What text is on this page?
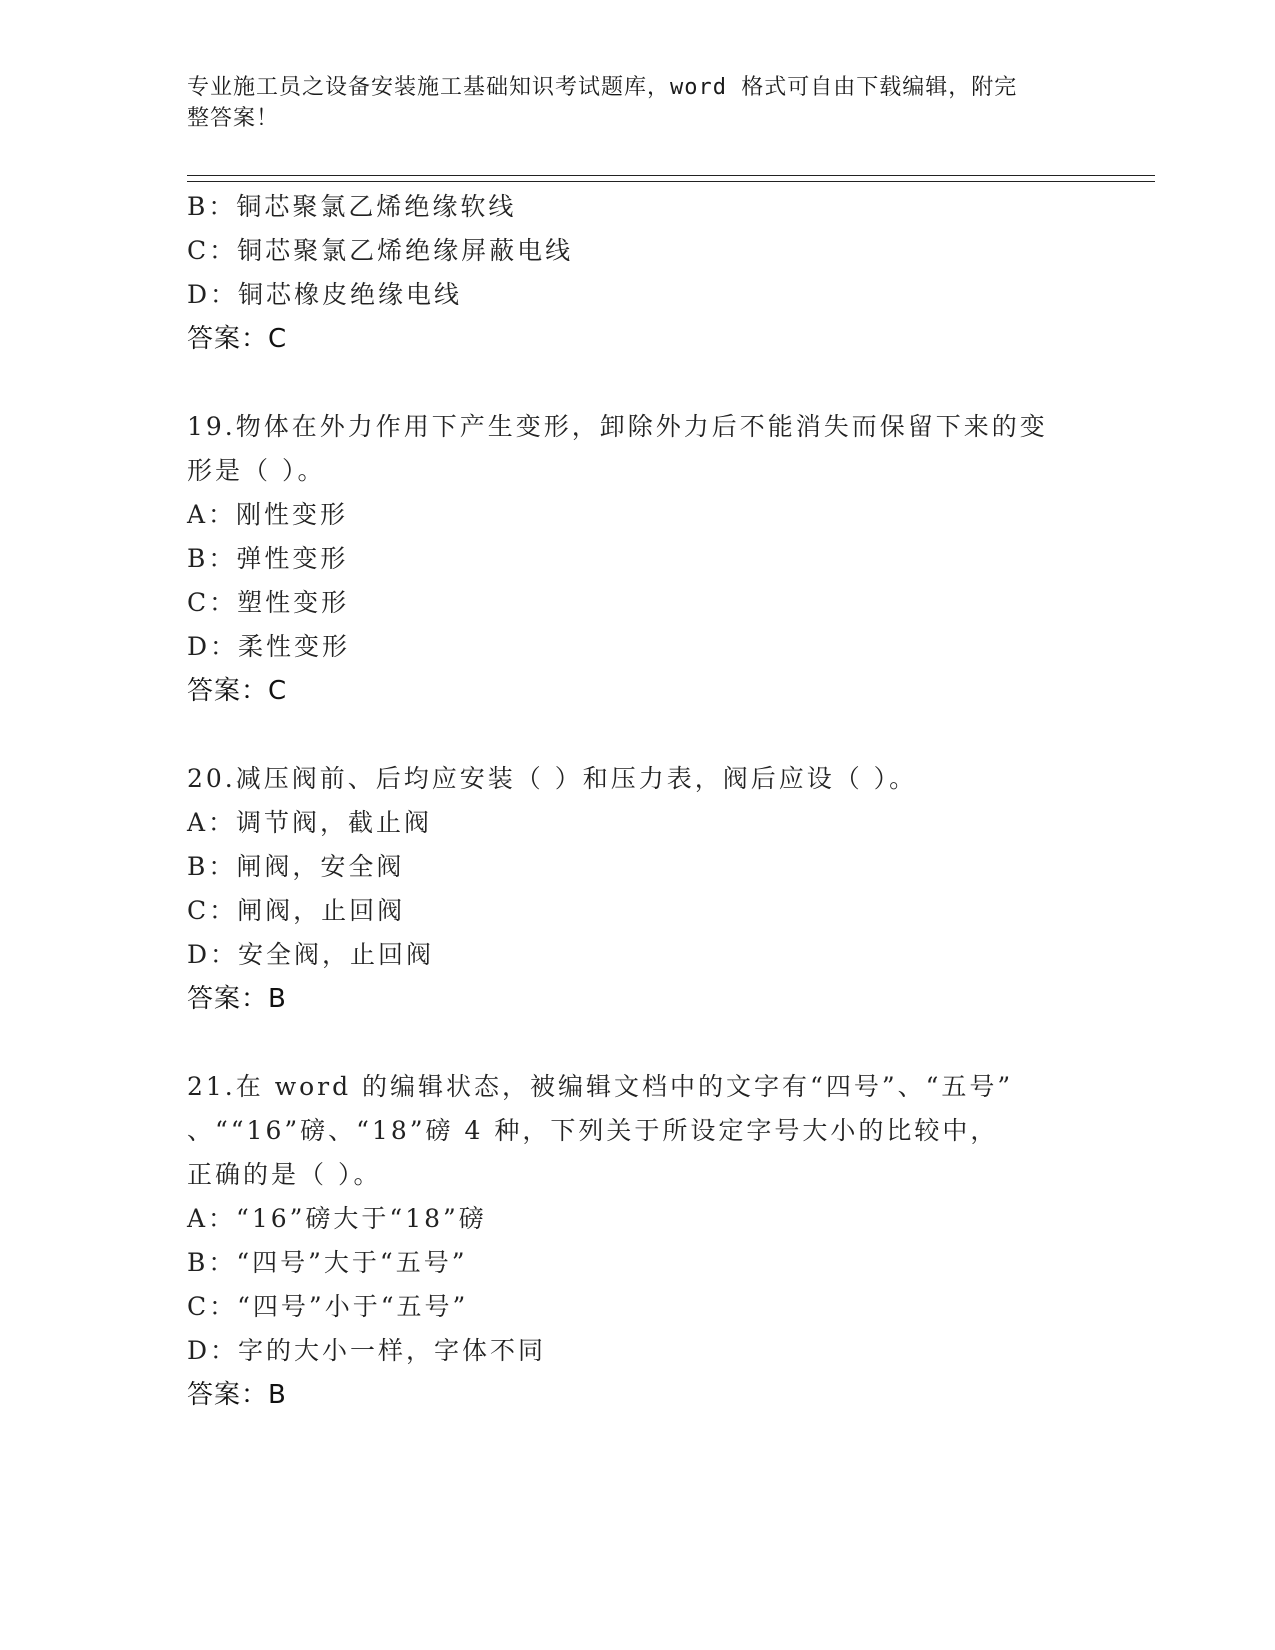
专业施工员之设备安装施工基础知识考试题库，word 格式可自由下载编辑，附完
整答案！
B：铜芯聚氯乙烯绝缘软线
C：铜芯聚氯乙烯绝缘屏蔽电线
D：铜芯橡皮绝缘电线
答案：C
19.物体在外力作用下产生变形，卸除外力后不能消失而保留下来的变
形是（ ）。
A：刚性变形
B：弹性变形
C：塑性变形
D：柔性变形
答案：C
20.减压阀前、后均应安装（ ）和压力表，阀后应设（ ）。
A：调节阀，截止阀
B：闸阀，安全阀
C：闸阀，止回阀
D：安全阀，止回阀
答案：B
21.在 word 的编辑状态，被编辑文档中的文字有“四号”、“五号”
、““16”磅、“18”磅 4 种，下列关于所设定字号大小的比较中，
正确的是（ ）。
A：“16”磅大于“18”磅
B：“四号”大于“五号”
C：“四号”小于“五号”
D：字的大小一样，字体不同
答案：B
